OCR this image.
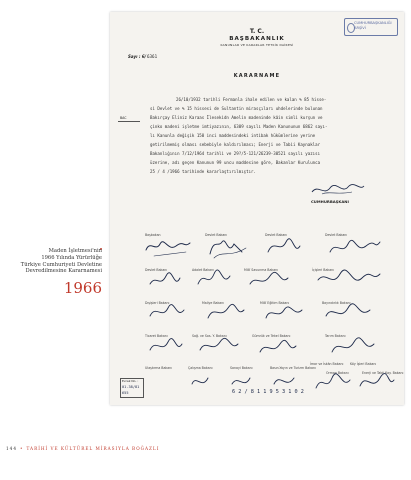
Maden İşletmesi'nin
1966 Yılında Yürürlüğe
Türkiye Cumhuriyeti Devletine
Devredilmesine Kararnamesi
1966
CUMHURBAŞKANLIĞI
ARŞİVİ
T. C.
BAŞBAKANLIK
KANUNLAR VE KARARLAR TETKİK DAİRESİ
Sayı : 6/ 6361
KARARNAME
BAC
26/10/1932 tarihli Fermanla ihale edilen ve kalan % 85 hisse-
si Devlet ve % 15 hissesi de Sultantin mirasçıları uhdelerinde bulunan
Bakırçay Eliniz Karaas İlesekidn Amelin madeninde kâin simli kurşun ve
çinko madeni işletme imtiyazının, 6309 sayılı Maden Kanununun 6862 sayı-
lı Kanunla değişik 150 inci maddesindeki intibak hükümlerine yerine
getirilmemiş olması sebebiyle kaldırılması; Enerji ve Tabii Kaynaklar
Bakanlığının 7/12/1964 tarihli ve 29?/5-121/26239-30521 sayılı yazısı
üzerine, adı geçen Kanunun 99 uncu maddesine göre, Bakanlar Kurulunca
25 / 4 /1966 tarihinde kararlaştırılmıştır.
CUMHURBAŞKANI
Başbakan	Devlet Bakanı	Devlet Bakanı	Devlet Bakanı
Devlet Bakanı	Adalet Bakanı	Millî Savunma Bakanı	İçişleri Bakanı
Dışişleri Bakanı	Maliye Bakanı	Millî Eğitim Bakanı	Bayındırlık Bakanı
Ticaret Bakanı	Sağ. ve Sos. Y. Bakanı	Gümrük ve Tekel Bakanı	Tarım Bakanı
Ulaştırma Bakanı	Çalışma Bakanı	Sanayi Bakanı	Basın-Yayın ve Turizm Bakanı
İmar ve İskân Bakanı Köy İşleri Bakanı
Orman Bakanı	Enerji ve Tabii Kay. Bakanı
Evrak No. :
01-38/81
655	6 2 / 8 1 1 9 5 3 1 0 2
144 • TARİHİ VE KÜLTÜREL MİRASIYLA BOĞAZLI
